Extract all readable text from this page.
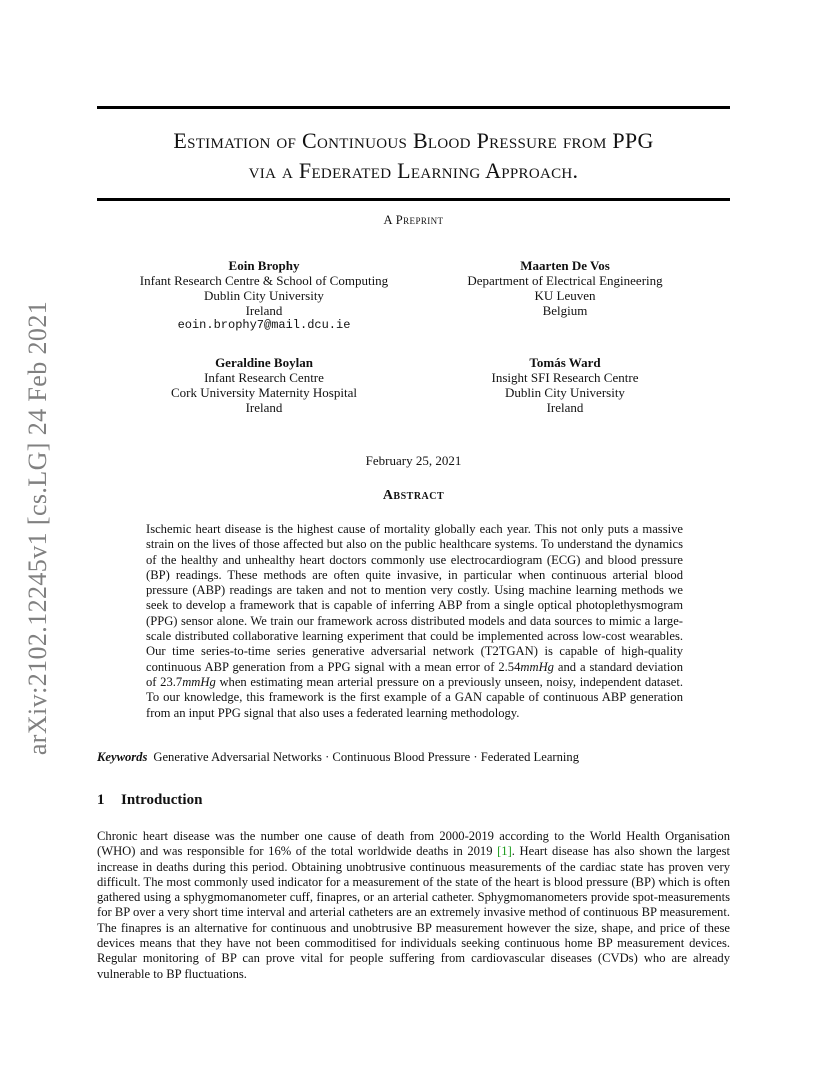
arXiv:2102.12245v1 [cs.LG] 24 Feb 2021
Estimation of Continuous Blood Pressure from PPG
via a Federated Learning Approach.
A Preprint
Eoin Brophy
Infant Research Centre & School of Computing
Dublin City University
Ireland
eoin.brophy7@mail.dcu.ie
Maarten De Vos
Department of Electrical Engineering
KU Leuven
Belgium
Geraldine Boylan
Infant Research Centre
Cork University Maternity Hospital
Ireland
Tomás Ward
Insight SFI Research Centre
Dublin City University
Ireland
February 25, 2021
Abstract
Ischemic heart disease is the highest cause of mortality globally each year. This not only puts a massive strain on the lives of those affected but also on the public healthcare systems. To understand the dynamics of the healthy and unhealthy heart doctors commonly use electrocardiogram (ECG) and blood pressure (BP) readings. These methods are often quite invasive, in particular when continuous arterial blood pressure (ABP) readings are taken and not to mention very costly. Using machine learning methods we seek to develop a framework that is capable of inferring ABP from a single optical photoplethysmogram (PPG) sensor alone. We train our framework across distributed models and data sources to mimic a large-scale distributed collaborative learning experiment that could be implemented across low-cost wearables. Our time series-to-time series generative adversarial network (T2TGAN) is capable of high-quality continuous ABP generation from a PPG signal with a mean error of 2.54mmHg and a standard deviation of 23.7mmHg when estimating mean arterial pressure on a previously unseen, noisy, independent dataset. To our knowledge, this framework is the first example of a GAN capable of continuous ABP generation from an input PPG signal that also uses a federated learning methodology.
Keywords Generative Adversarial Networks · Continuous Blood Pressure · Federated Learning
1 Introduction
Chronic heart disease was the number one cause of death from 2000-2019 according to the World Health Organisation (WHO) and was responsible for 16% of the total worldwide deaths in 2019 [1]. Heart disease has also shown the largest increase in deaths during this period. Obtaining unobtrusive continuous measurements of the cardiac state has proven very difficult. The most commonly used indicator for a measurement of the state of the heart is blood pressure (BP) which is often gathered using a sphygmomanometer cuff, finapres, or an arterial catheter. Sphygmomanometers provide spot-measurements for BP over a very short time interval and arterial catheters are an extremely invasive method of continuous BP measurement. The finapres is an alternative for continuous and unobtrusive BP measurement however the size, shape, and price of these devices means that they have not been commoditised for individuals seeking continuous home BP measurement devices. Regular monitoring of BP can prove vital for people suffering from cardiovascular diseases (CVDs) who are already vulnerable to BP fluctuations.
